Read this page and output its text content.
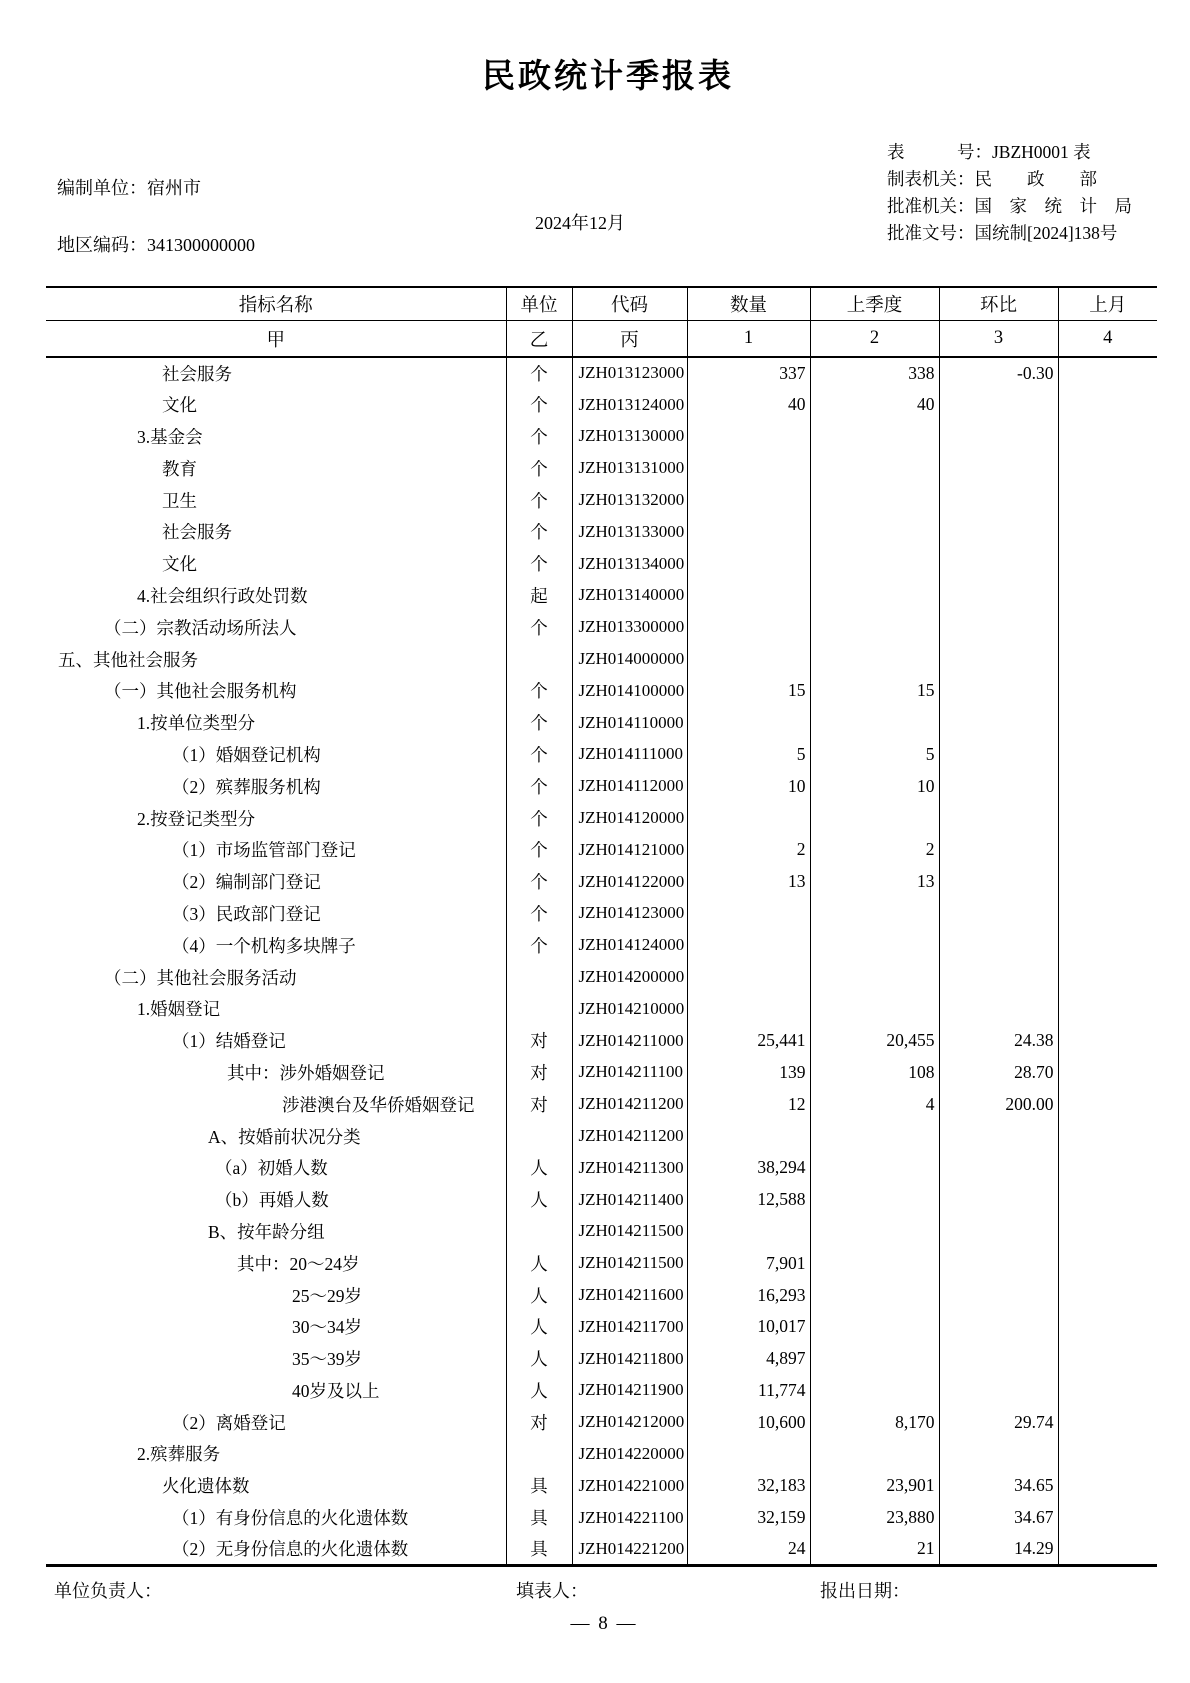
民政统计季报表
编制单位：宿州市
2024年12月
地区编码：341300000000
表　　　号：JBZH0001 表
制表机关：民　　政　　部
批准机关：国　家　统　计　局
批准文号：国统制[2024]138号
指标名称	单位	代码	数量	上季度	环比	上月
甲	乙	丙	1	2	3	4
社会服务	个	JZH013123000	337	338	-0.30	
文化	个	JZH013124000	40	40		
3.基金会	个	JZH013130000				
教育	个	JZH013131000				
卫生	个	JZH013132000				
社会服务	个	JZH013133000				
文化	个	JZH013134000				
4.社会组织行政处罚数	起	JZH013140000				
（二）宗教活动场所法人	个	JZH013300000				
五、其他社会服务		JZH014000000				
（一）其他社会服务机构	个	JZH014100000	15	15		
1.按单位类型分	个	JZH014110000				
（1）婚姻登记机构	个	JZH014111000	5	5		
（2）殡葬服务机构	个	JZH014112000	10	10		
2.按登记类型分	个	JZH014120000				
（1）市场监管部门登记	个	JZH014121000	2	2		
（2）编制部门登记	个	JZH014122000	13	13		
（3）民政部门登记	个	JZH014123000				
（4）一个机构多块牌子	个	JZH014124000				
（二）其他社会服务活动		JZH014200000				
1.婚姻登记		JZH014210000				
（1）结婚登记	对	JZH014211000	25,441	20,455	24.38	
其中：涉外婚姻登记	对	JZH014211100	139	108	28.70	
涉港澳台及华侨婚姻登记	对	JZH014211200	12	4	200.00	
A、按婚前状况分类		JZH014211200				
（a）初婚人数	人	JZH014211300	38,294			
（b）再婚人数	人	JZH014211400	12,588			
B、按年龄分组		JZH014211500				
其中：20～24岁	人	JZH014211500	7,901			
25～29岁	人	JZH014211600	16,293			
30～34岁	人	JZH014211700	10,017			
35～39岁	人	JZH014211800	4,897			
40岁及以上	人	JZH014211900	11,774			
（2）离婚登记	对	JZH014212000	10,600	8,170	29.74	
2.殡葬服务		JZH014220000				
火化遗体数	具	JZH014221000	32,183	23,901	34.65	
（1）有身份信息的火化遗体数	具	JZH014221100	32,159	23,880	34.67	
（2）无身份信息的火化遗体数	具	JZH014221200	24	21	14.29	
单位负责人：	填表人：	报出日期：
— 8 —
